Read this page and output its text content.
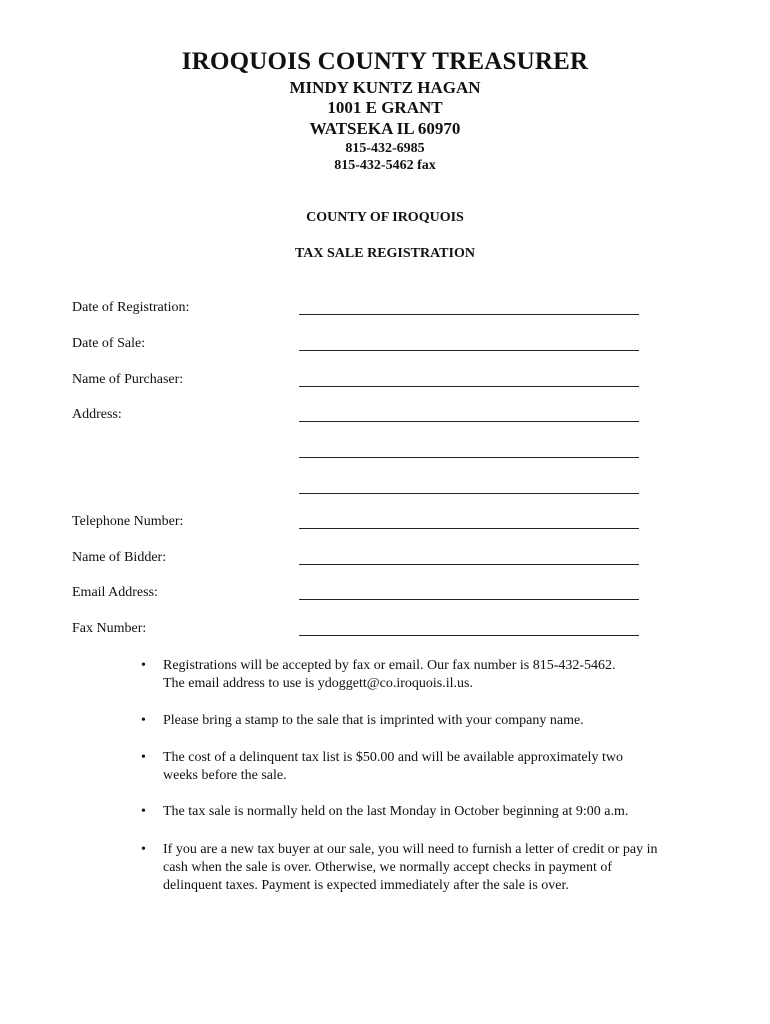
IROQUOIS COUNTY TREASURER
MINDY KUNTZ HAGAN
1001 E GRANT
WATSEKA IL 60970
815-432-6985
815-432-5462 fax
COUNTY OF IROQUOIS
TAX SALE REGISTRATION
Date of Registration:
Date of Sale:
Name of Purchaser:
Address:
Telephone Number:
Name of Bidder:
Email Address:
Fax Number:
• Registrations will be accepted by fax or email. Our fax number is 815-432-5462.
The email address to use is ydoggett@co.iroquois.il.us.
• Please bring a stamp to the sale that is imprinted with your company name.
• The cost of a delinquent tax list is $50.00 and will be available approximately two
weeks before the sale.
• The tax sale is normally held on the last Monday in October beginning at 9:00 a.m.
• If you are a new tax buyer at our sale, you will need to furnish a letter of credit or pay in
cash when the sale is over. Otherwise, we normally accept checks in payment of
delinquent taxes. Payment is expected immediately after the sale is over.
